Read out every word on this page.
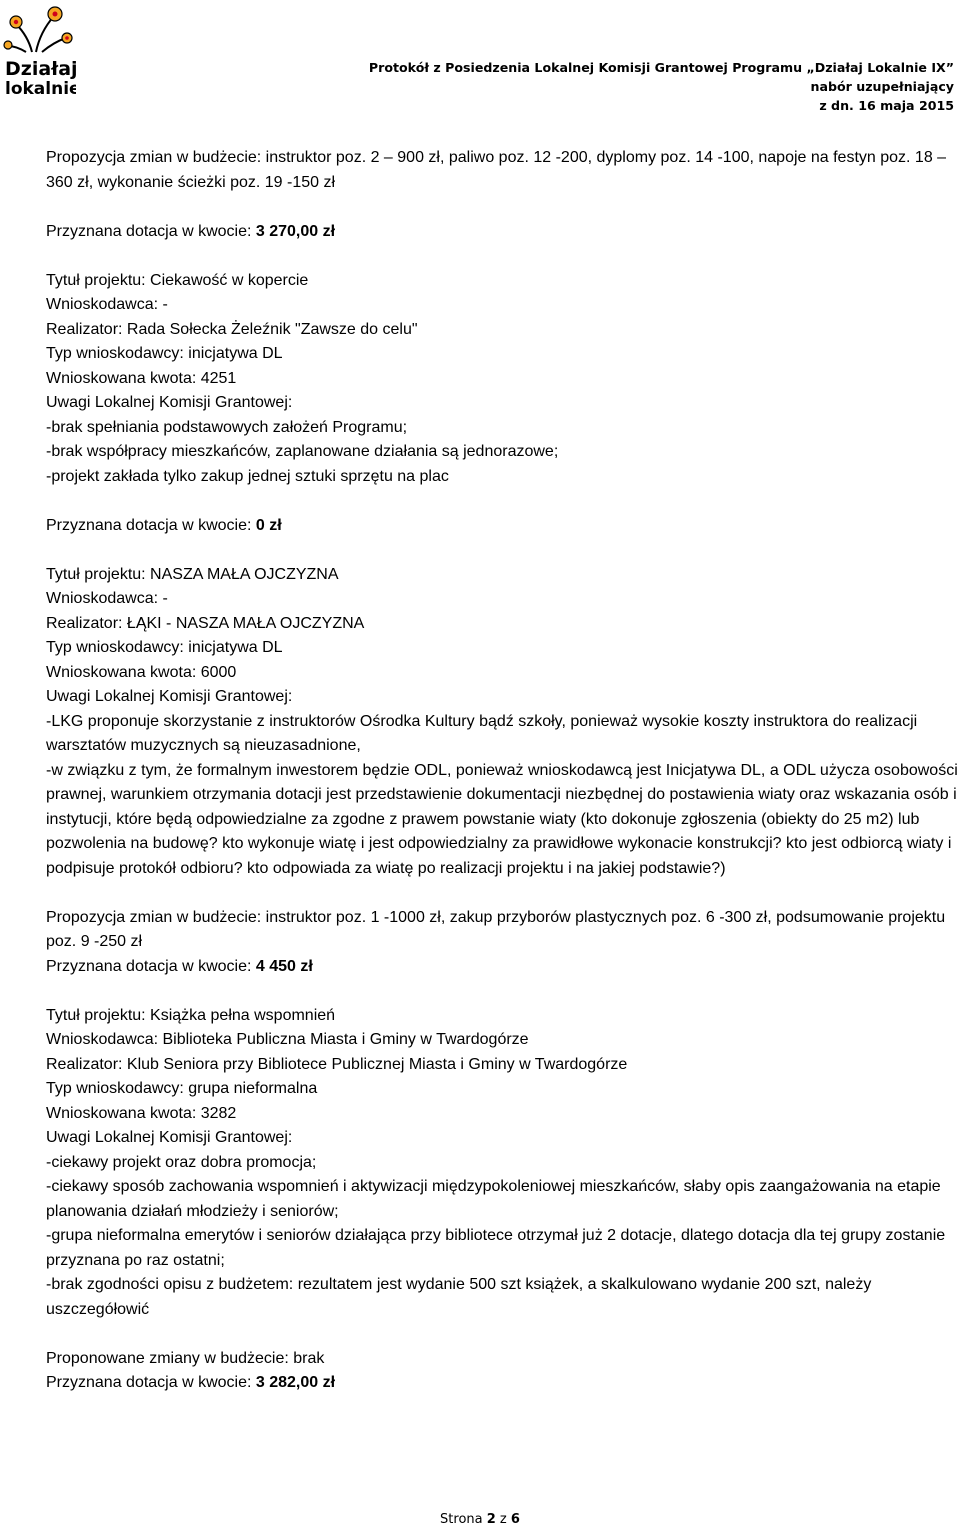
Działaj
lokalnie
Protokół z Posiedzenia Lokalnej Komisji Grantowej Programu „Działaj Lokalnie IX”
nabór uzupełniający
z dn. 16 maja 2015

Propozycja zmian w budżecie: instruktor poz. 2 – 900 zł, paliwo poz. 12 -200, dyplomy poz. 14 -100, napoje na festyn poz. 18 – 360 zł, wykonanie ścieżki poz. 19 -150 zł

Przyznana dotacja w kwocie: 3 270,00 zł

Tytuł projektu: Ciekawość w kopercie

Wnioskodawca: -

Realizator: Rada Sołecka Żeleźnik "Zawsze do celu"

Typ wnioskodawcy: inicjatywa DL

Wnioskowana kwota: 4251

Uwagi Lokalnej Komisji Grantowej:

-brak spełniania podstawowych założeń Programu;

-brak współpracy mieszkańców, zaplanowane działania są jednorazowe;

-projekt zakłada tylko zakup jednej sztuki sprzętu na plac

Przyznana dotacja w kwocie: 0 zł

Tytuł projektu: NASZA MAŁA OJCZYZNA

Wnioskodawca: -

Realizator: ŁĄKI - NASZA MAŁA OJCZYZNA

Typ wnioskodawcy: inicjatywa DL

Wnioskowana kwota: 6000

Uwagi Lokalnej Komisji Grantowej:

-LKG proponuje skorzystanie z instruktorów Ośrodka Kultury bądź szkoły, ponieważ wysokie koszty instruktora do realizacji warsztatów muzycznych są nieuzasadnione,

-w związku z tym, że formalnym inwestorem będzie ODL, ponieważ wnioskodawcą jest Inicjatywa DL, a ODL użycza osobowości prawnej, warunkiem otrzymania dotacji jest przedstawienie dokumentacji niezbędnej do postawienia wiaty oraz wskazania osób i instytucji, które będą odpowiedzialne za zgodne z prawem powstanie wiaty (kto dokonuje zgłoszenia (obiekty do 25 m2) lub pozwolenia na budowę? kto wykonuje wiatę i jest odpowiedzialny za prawidłowe wykonacie konstrukcji? kto jest odbiorcą wiaty i podpisuje protokół odbioru? kto odpowiada za wiatę po realizacji projektu i na jakiej podstawie?)

Propozycja zmian w budżecie: instruktor poz. 1 -1000 zł, zakup przyborów plastycznych poz. 6 -300 zł, podsumowanie projektu poz. 9 -250 zł

Przyznana dotacja w kwocie: 4 450 zł

Tytuł projektu: Książka pełna wspomnień

Wnioskodawca: Biblioteka Publiczna Miasta i Gminy w Twardogórze

Realizator: Klub Seniora przy Bibliotece Publicznej Miasta i Gminy w Twardogórze

Typ wnioskodawcy: grupa nieformalna

Wnioskowana kwota: 3282

Uwagi Lokalnej Komisji Grantowej:

-ciekawy projekt oraz dobra promocja;

-ciekawy sposób zachowania wspomnień i aktywizacji międzypokoleniowej mieszkańców, słaby opis zaangażowania na etapie planowania działań młodzieży i seniorów;

-grupa nieformalna emerytów i seniorów działająca przy bibliotece otrzymał już 2 dotacje, dlatego dotacja dla tej grupy zostanie przyznana po raz ostatni;

-brak zgodności opisu z budżetem: rezultatem jest wydanie 500 szt książek, a skalkulowano wydanie 200 szt, należy uszczegółowić

Proponowane zmiany w budżecie: brak

Przyznana dotacja w kwocie: 3 282,00 zł

Strona 2 z 6
